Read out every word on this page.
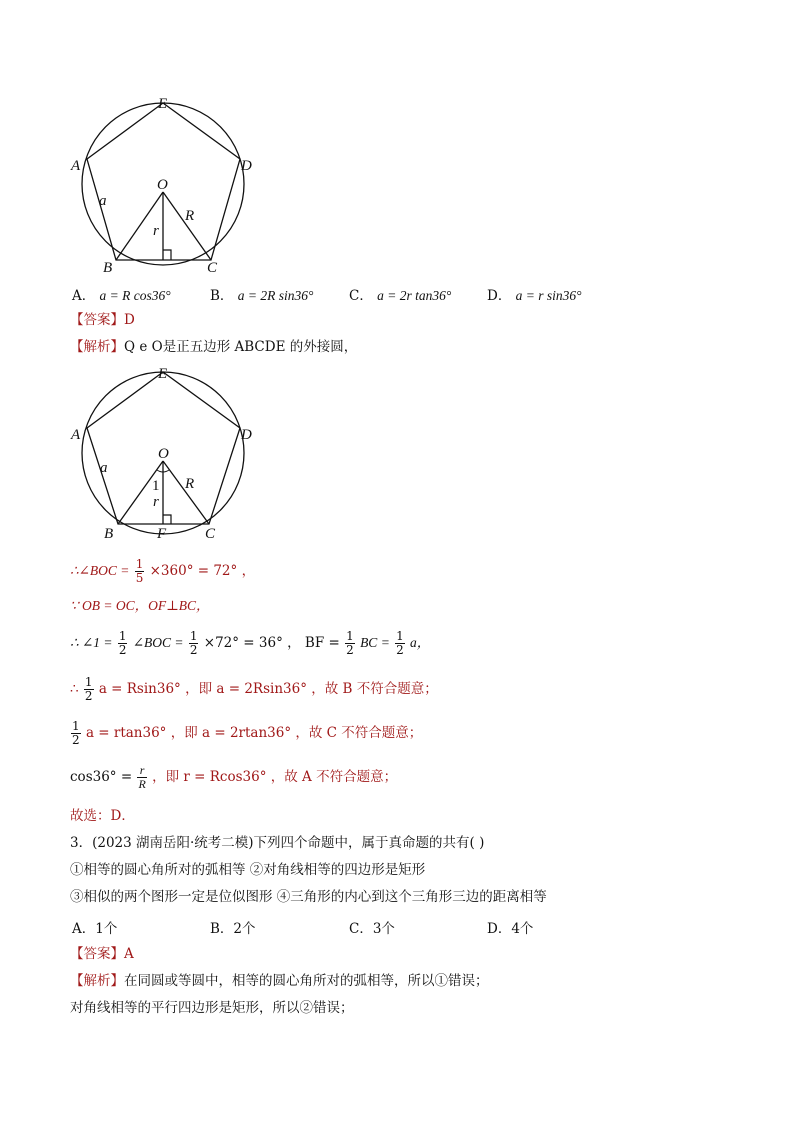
E
A	D
O
a
R
r
B	C
A． a = R cos36°	B． a = 2R sin36°	C． a = 2r tan36°	D． a = r sin36°
【答案】D
【解析】Q e O是正五边形 ABCDE 的外接圆，
E
A	D
O
a
1 R
r
B	F	C
∴∠BOC = $\frac{1}{5} \times 360^\circ = 72^\circ$ ，
∵ OB = OC，OF⊥BC，
∴ ∠1 = $\frac{1}{2}$ ∠BOC = $\frac{1}{2} \times 72^\circ = 36^\circ$ ， BF = $\frac{1}{2}$ BC = $\frac{1}{2}$ a，
∴ $\frac{1}{2}$ a = Rsin36° ，即 a = 2Rsin36° ，故 B 不符合题意；
$\frac{1}{2}$ a = rtan36° ，即 a = 2rtan36° ，故 C 不符合题意；
$\cos 36^\circ = \frac{r}{R}$ ，即 r = Rcos36° ，故 A 不符合题意；
故选：D．
3．(2023 湖南岳阳·统考二模)下列四个命题中，属于真命题的共有( )
①相等的圆心角所对的弧相等 ②对角线相等的四边形是矩形
③相似的两个图形一定是位似图形 ④三角形的内心到这个三角形三边的距离相等
A．1个	B．2个	C．3个	D．4个
【答案】A
【解析】在同圆或等圆中，相等的圆心角所对的弧相等，所以①错误；
对角线相等的平行四边形是矩形，所以②错误；
